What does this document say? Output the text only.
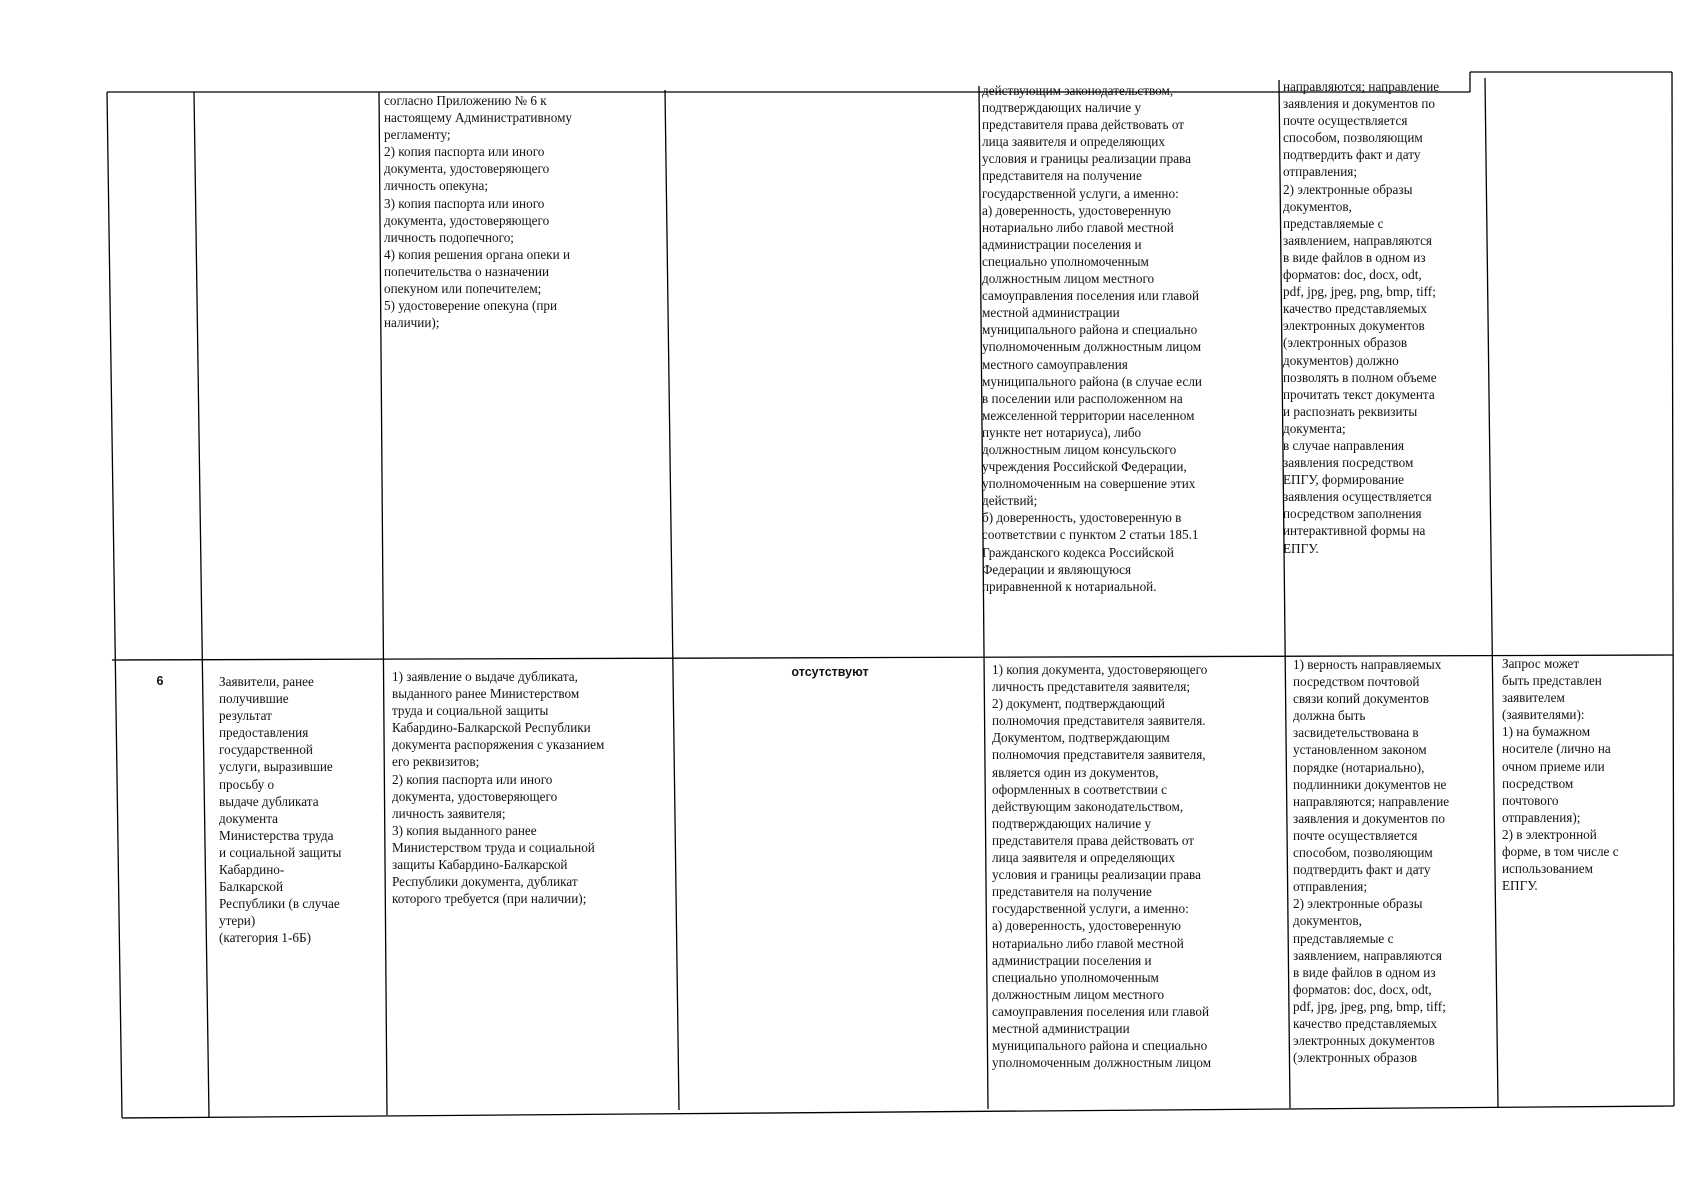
согласно Приложению № 6 к
настоящему Административному
регламенту;
2) копия паспорта или иного
документа, удостоверяющего
личность опекуна;
3) копия паспорта или иного
документа, удостоверяющего
личность подопечного;
4) копия решения органа опеки и
попечительства о назначении
опекуном или попечителем;
5) удостоверение опекуна (при
наличии);
действующим законодательством,
подтверждающих наличие у
представителя права действовать от
лица заявителя и определяющих
условия и границы реализации права
представителя на получение
государственной услуги, а именно:
а) доверенность, удостоверенную
нотариально либо главой местной
администрации поселения и
специально уполномоченным
должностным лицом местного
самоуправления поселения или главой
местной администрации
муниципального района и специально
уполномоченным должностным лицом
местного самоуправления
муниципального района (в случае если
в поселении или расположенном на
межселенной территории населенном
пункте нет нотариуса), либо
должностным лицом консульского
учреждения Российской Федерации,
уполномоченным на совершение этих
действий;
б) доверенность, удостоверенную в
соответствии с пунктом 2 статьи 185.1
Гражданского кодекса Российской
Федерации и являющуюся
приравненной к нотариальной.
направляются; направление
заявления и документов по
почте осуществляется
способом, позволяющим
подтвердить факт и дату
отправления;
2) электронные образы
документов,
представляемые с
заявлением, направляются
в виде файлов в одном из
форматов: doc, docx, odt,
pdf, jpg, jpeg, png, bmp, tiff;
качество представляемых
электронных документов
(электронных образов
документов) должно
позволять в полном объеме
прочитать текст документа
и распознать реквизиты
документа;
в случае направления
заявления посредством
ЕПГУ, формирование
заявления осуществляется
посредством заполнения
интерактивной формы на
ЕПГУ.
6	Заявители, ранее
получившие
результат
предоставления
государственной
услуги, выразившие
просьбу о
выдаче дубликата
документа
Министерства труда
и социальной защиты
Кабардино-
Балкарской
Республики (в случае
утери)
(категория 1-6Б)
1) заявление о выдаче дубликата,
выданного ранее Министерством
труда и социальной защиты
Кабардино-Балкарской Республики
документа распоряжения с указанием
его реквизитов;
2) копия паспорта или иного
документа, удостоверяющего
личность заявителя;
3) копия выданного ранее
Министерством труда и социальной
защиты Кабардино-Балкарской
Республики документа, дубликат
которого требуется (при наличии);
отсутствуют	1) копия документа, удостоверяющего
личность представителя заявителя;
2) документ, подтверждающий
полномочия представителя заявителя.
Документом, подтверждающим
полномочия представителя заявителя,
является один из документов,
оформленных в соответствии с
действующим законодательством,
подтверждающих наличие у
представителя права действовать от
лица заявителя и определяющих
условия и границы реализации права
представителя на получение
государственной услуги, а именно:
а) доверенность, удостоверенную
нотариально либо главой местной
администрации поселения и
специально уполномоченным
должностным лицом местного
самоуправления поселения или главой
местной администрации
муниципального района и специально
уполномоченным должностным лицом
1) верность направляемых
посредством почтовой
связи копий документов
должна быть
засвидетельствована в
установленном законом
порядке (нотариально),
подлинники документов не
направляются; направление
заявления и документов по
почте осуществляется
способом, позволяющим
подтвердить факт и дату
отправления;
2) электронные образы
документов,
представляемые с
заявлением, направляются
в виде файлов в одном из
форматов: doc, docx, odt,
pdf, jpg, jpeg, png, bmp, tiff;
качество представляемых
электронных документов
(электронных образов
Запрос может
быть представлен
заявителем
(заявителями):
1) на бумажном
носителе (лично на
очном приеме или
посредством
почтового
отправления);
2) в электронной
форме, в том числе с
использованием
ЕПГУ.
